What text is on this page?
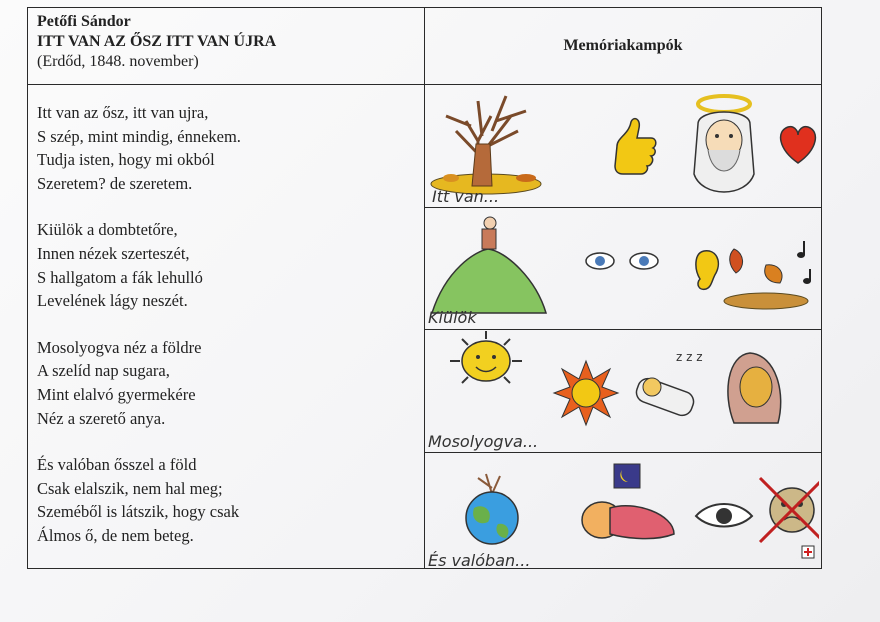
Petőfi Sándor
ITT VAN AZ ŐSZ ITT VAN ÚJRA
(Erdőd, 1848. november)
Memóriakampók
Itt van az ősz, itt van ujra,
S szép, mint mindig, énnekem.
Tudja isten, hogy mi okból
Szeretem? de szeretem.
Kiülök a dombtetőre,
Innen nézek szerteszét,
S hallgatom a fák lehulló
Levelének lágy neszét.
Mosolyogva néz a földre
A szelíd nap sugara,
Mint elalvó gyermekére
Néz a szerető anya.
És valóban ősszel a föld
Csak elalszik, nem hal meg;
Szeméből is látszik, hogy csak
Álmos ő, de nem beteg.
Itt van...
Kiülök
z z z
Mosolyogva...
És valóban...
